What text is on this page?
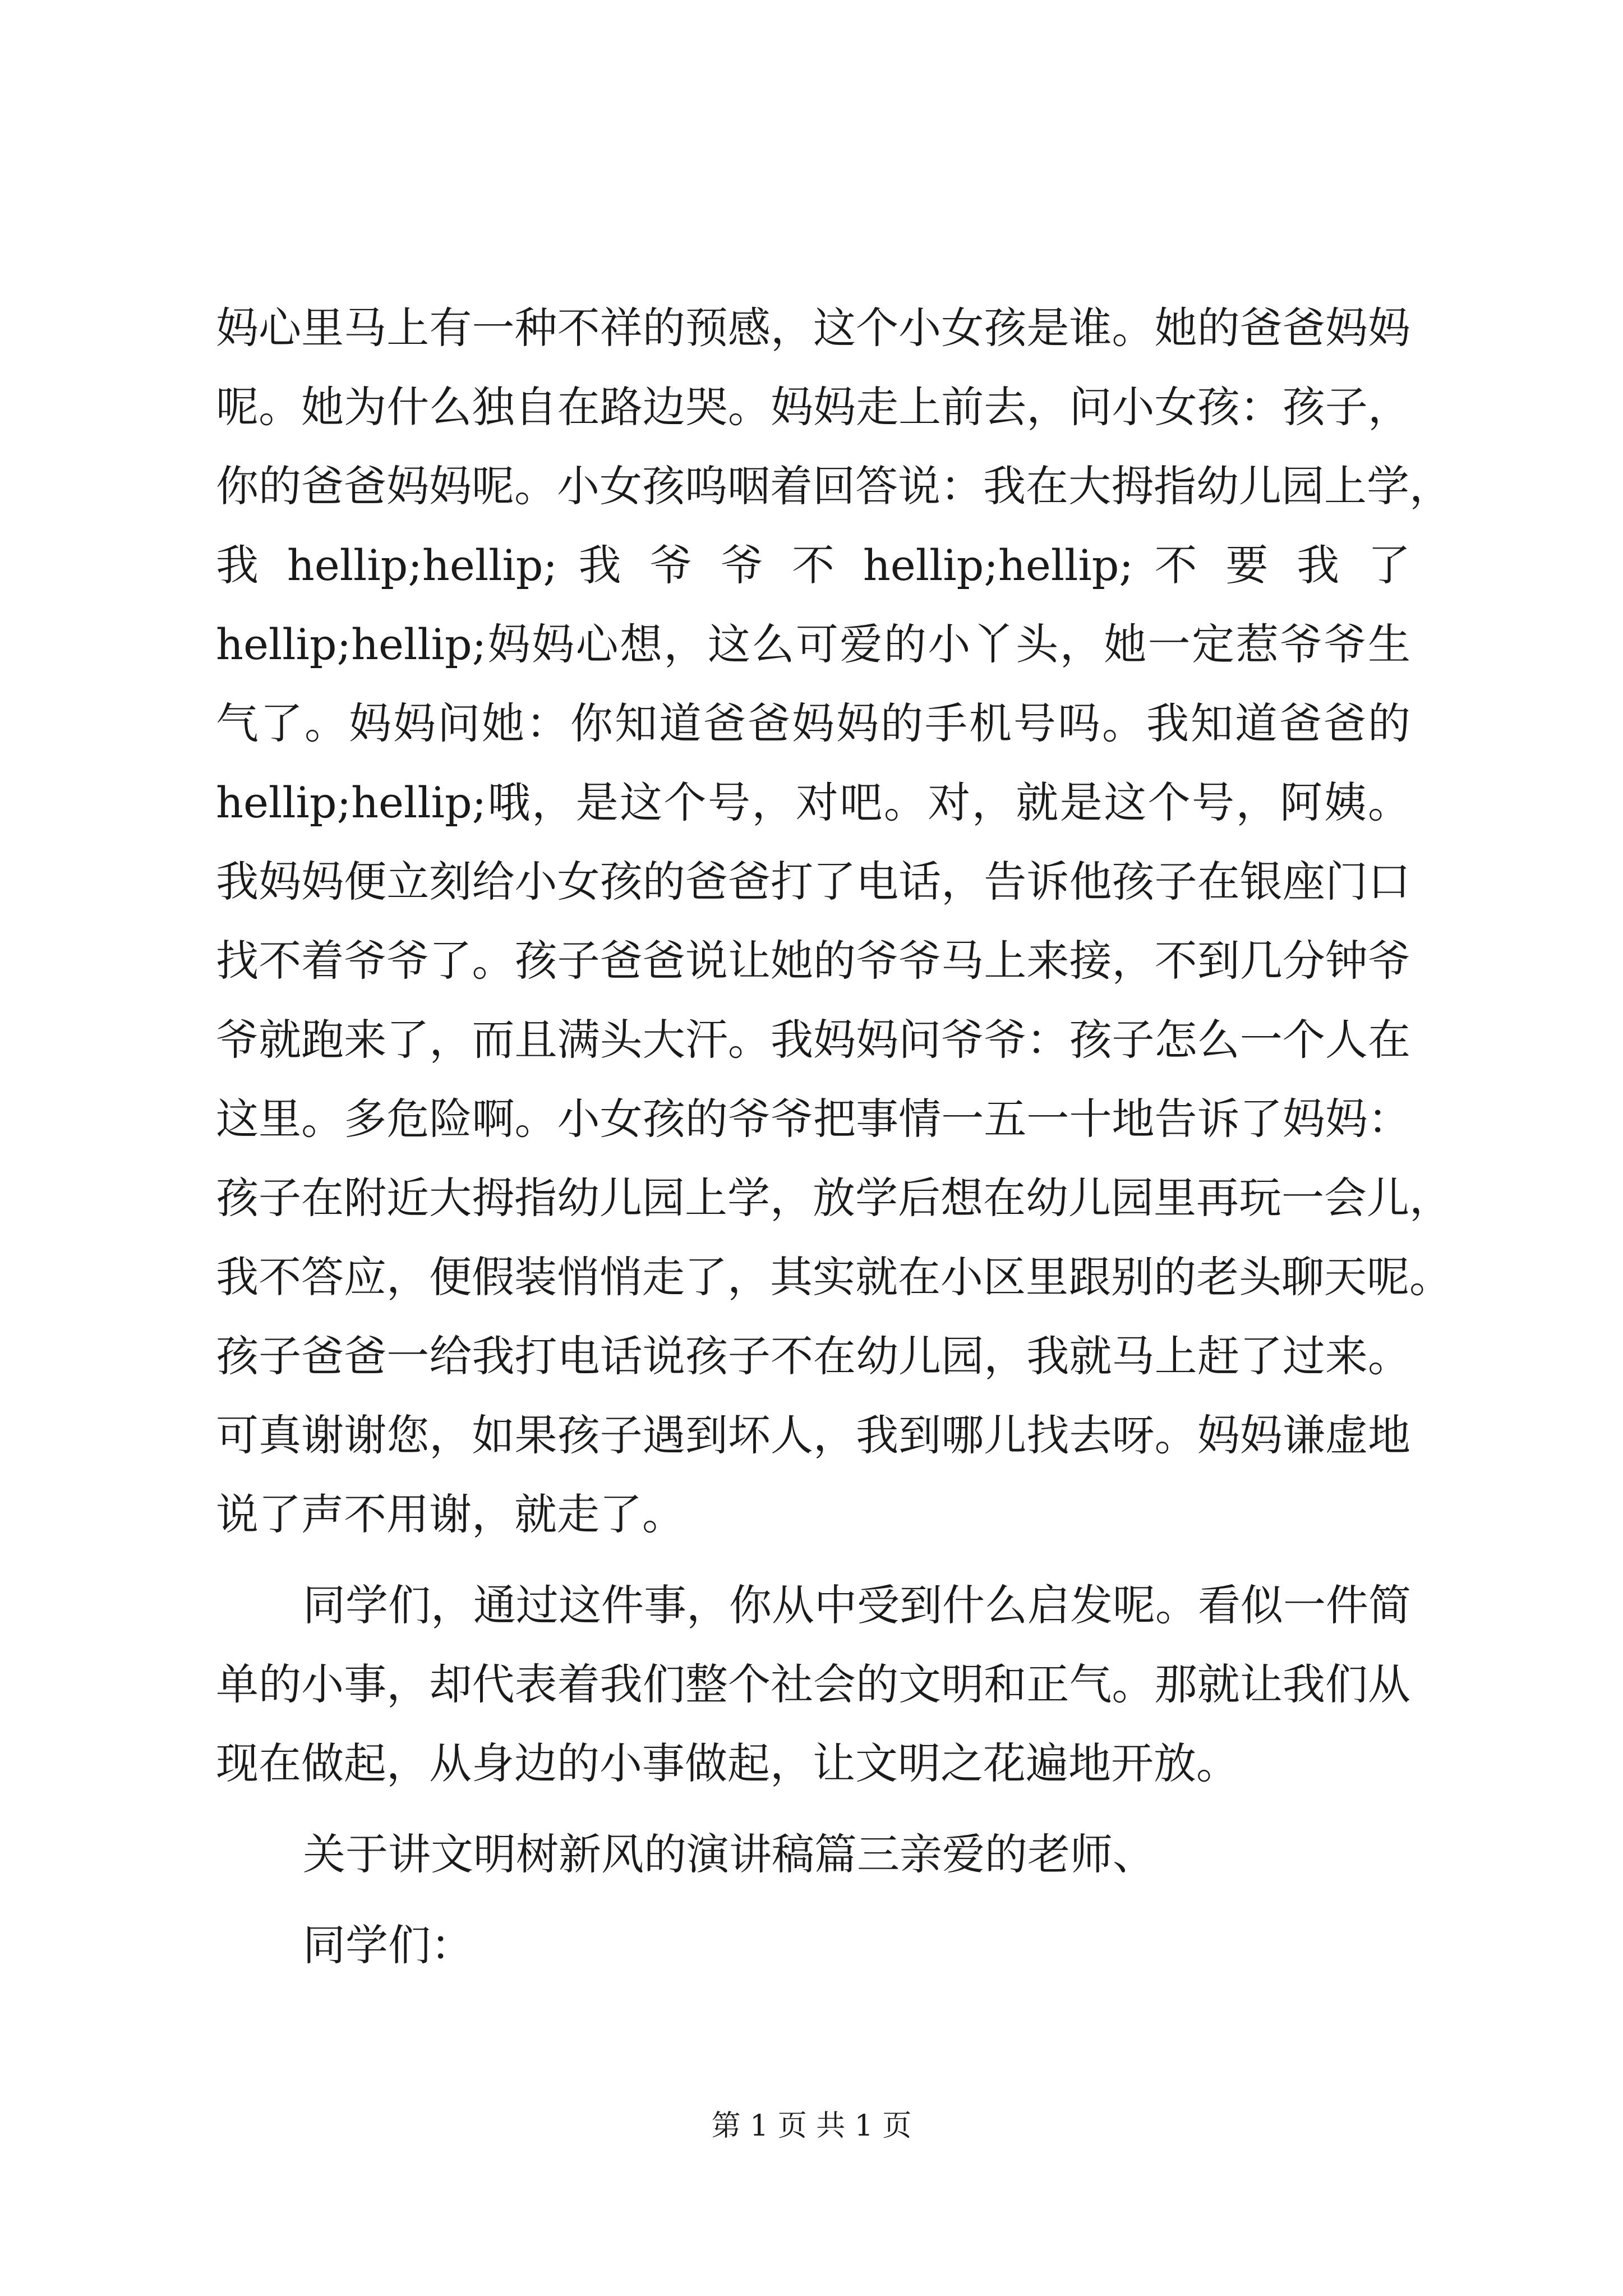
妈心里马上有一种不祥的预感，这个小女孩是谁。她的爸爸妈妈
呢。她为什么独自在路边哭。妈妈走上前去，问小女孩：孩子，
你的爸爸妈妈呢。小女孩呜咽着回答说：我在大拇指幼儿园上学，
我 hellip;hellip; 我 爷 爷 不 hellip;hellip; 不 要 我 了
hellip;hellip;妈妈心想，这么可爱的小丫头，她一定惹爷爷生
气了。妈妈问她：你知道爸爸妈妈的手机号吗。我知道爸爸的
hellip;hellip;哦，是这个号，对吧。对，就是这个号，阿姨。
我妈妈便立刻给小女孩的爸爸打了电话，告诉他孩子在银座门口
找不着爷爷了。孩子爸爸说让她的爷爷马上来接，不到几分钟爷
爷就跑来了，而且满头大汗。我妈妈问爷爷：孩子怎么一个人在
这里。多危险啊。小女孩的爷爷把事情一五一十地告诉了妈妈：
孩子在附近大拇指幼儿园上学，放学后想在幼儿园里再玩一会儿，
我不答应，便假装悄悄走了，其实就在小区里跟别的老头聊天呢。
孩子爸爸一给我打电话说孩子不在幼儿园，我就马上赶了过来。
可真谢谢您，如果孩子遇到坏人，我到哪儿找去呀。妈妈谦虚地
说了声不用谢，就走了。
同学们，通过这件事，你从中受到什么启发呢。看似一件简
单的小事，却代表着我们整个社会的文明和正气。那就让我们从
现在做起，从身边的小事做起，让文明之花遍地开放。
关于讲文明树新风的演讲稿篇三亲爱的老师、
同学们：
第 1 页 共 1 页
